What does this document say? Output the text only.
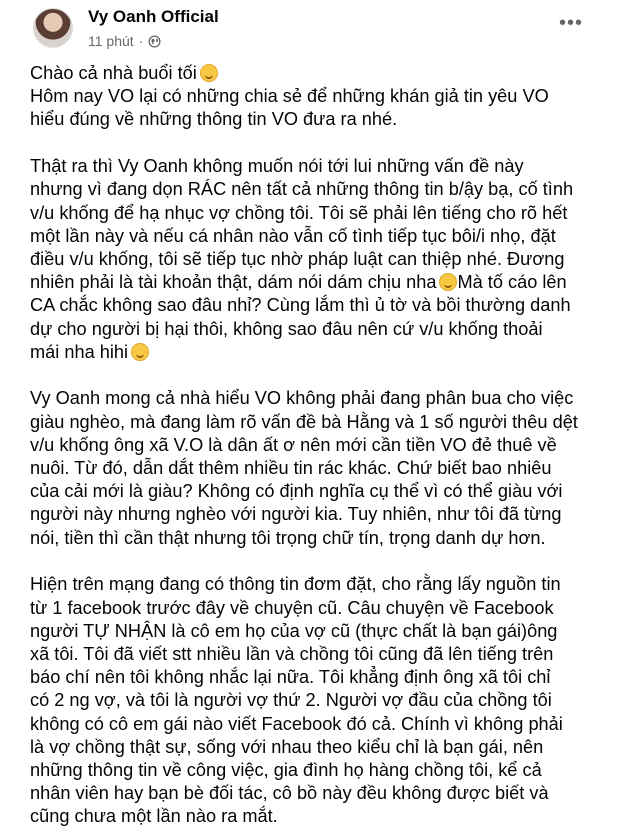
Vy Oanh Official
11 phút ·
•••
Chào cả nhà buổi tối
Hôm nay VO lại có những chia sẻ để những khán giả tin yêu VO
hiểu đúng về những thông tin VO đưa ra nhé.
Thật ra thì Vy Oanh không muốn nói tới lui những vấn đề này
nhưng vì đang dọn RÁC nên tất cả những thông tin b/ậy bạ, cố tình
v/u khống để hạ nhục vợ chồng tôi. Tôi sẽ phải lên tiếng cho rõ hết
một lần này và nếu cá nhân nào vẫn cố tình tiếp tục bôi/i nhọ, đặt
điều v/u khống, tôi sẽ tiếp tục nhờ pháp luật can thiệp nhé. Đương
nhiên phải là tài khoản thật, dám nói dám chịu nha Mà tố cáo lên
CA chắc không sao đâu nhỉ? Cùng lắm thì ủ tờ và bồi thường danh
dự cho người bị hại thôi, không sao đâu nên cứ v/u khống thoải
mái nha hihi
Vy Oanh mong cả nhà hiểu VO không phải đang phân bua cho việc
giàu nghèo, mà đang làm rõ vấn đề bà Hằng và 1 số người thêu dệt
v/u khống ông xã V.O là dân ất ơ nên mới cần tiền VO đẻ thuê về
nuôi. Từ đó, dẫn dắt thêm nhiều tin rác khác. Chứ biết bao nhiêu
của cải mới là giàu? Không có định nghĩa cụ thể vì có thể giàu với
người này nhưng nghèo với người kia. Tuy nhiên, như tôi đã từng
nói, tiền thì cần thật nhưng tôi trọng chữ tín, trọng danh dự hơn.
Hiện trên mạng đang có thông tin đơm đặt, cho rằng lấy nguồn tin
từ 1 facebook trước đây về chuyện cũ. Câu chuyện về Facebook
người TỰ NHẬN là cô em họ của vợ cũ (thực chất là bạn gái)ông
xã tôi. Tôi đã viết stt nhiều lần và chồng tôi cũng đã lên tiếng trên
báo chí nên tôi không nhắc lại nữa. Tôi khẳng định ông xã tôi chỉ
có 2 ng vợ, và tôi là người vợ thứ 2. Người vợ đầu của chồng tôi
không có cô em gái nào viết Facebook đó cả. Chính vì không phải
là vợ chồng thật sự, sống với nhau theo kiểu chỉ là bạn gái, nên
những thông tin về công việc, gia đình họ hàng chồng tôi, kể cả
nhân viên hay bạn bè đối tác, cô bồ này đều không được biết và
cũng chưa một lần nào ra mắt.
